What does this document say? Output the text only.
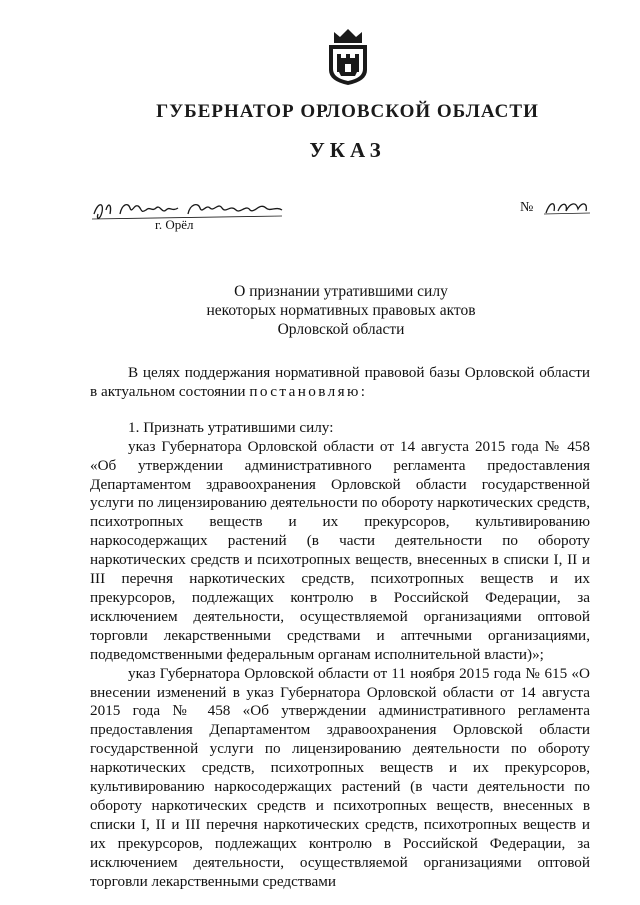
ГУБЕРНАТОР ОРЛОВСКОЙ ОБЛАСТИ
УКАЗ
г. Орёл
№
О признании утратившими силу
некоторых нормативных правовых актов
Орловской области

В целях поддержания нормативной правовой базы Орловской области в актуальном состоянии постановляю:

1. Признать утратившими силу:

указ Губернатора Орловской области от 14 августа 2015 года № 458 «Об утверждении административного регламента предоставления Департаментом здравоохранения Орловской области государственной услуги по лицензированию деятельности по обороту наркотических средств, психотропных веществ и их прекурсоров, культивированию наркосодержащих растений (в части деятельности по обороту наркотических средств и психотропных веществ, внесенных в списки I, II и III перечня наркотических средств, психотропных веществ и их прекурсоров, подлежащих контролю в Российской Федерации, за исключением деятельности, осуществляемой организациями оптовой торговли лекарственными средствами и аптечными организациями, подведомственными федеральным органам исполнительной власти)»;

указ Губернатора Орловской области от 11 ноября 2015 года № 615 «О внесении изменений в указ Губернатора Орловской области от 14 августа 2015 года № 458 «Об утверждении административного регламента предоставления Департаментом здравоохранения Орловской области государственной услуги по лицензированию деятельности по обороту наркотических средств, психотропных веществ и их прекурсоров, культивированию наркосодержащих растений (в части деятельности по обороту наркотических средств и психотропных веществ, внесенных в списки I, II и III перечня наркотических средств, психотропных веществ и их прекурсоров, подлежащих контролю в Российской Федерации, за исключением деятельности, осуществляемой организациями оптовой торговли лекарственными средствами
